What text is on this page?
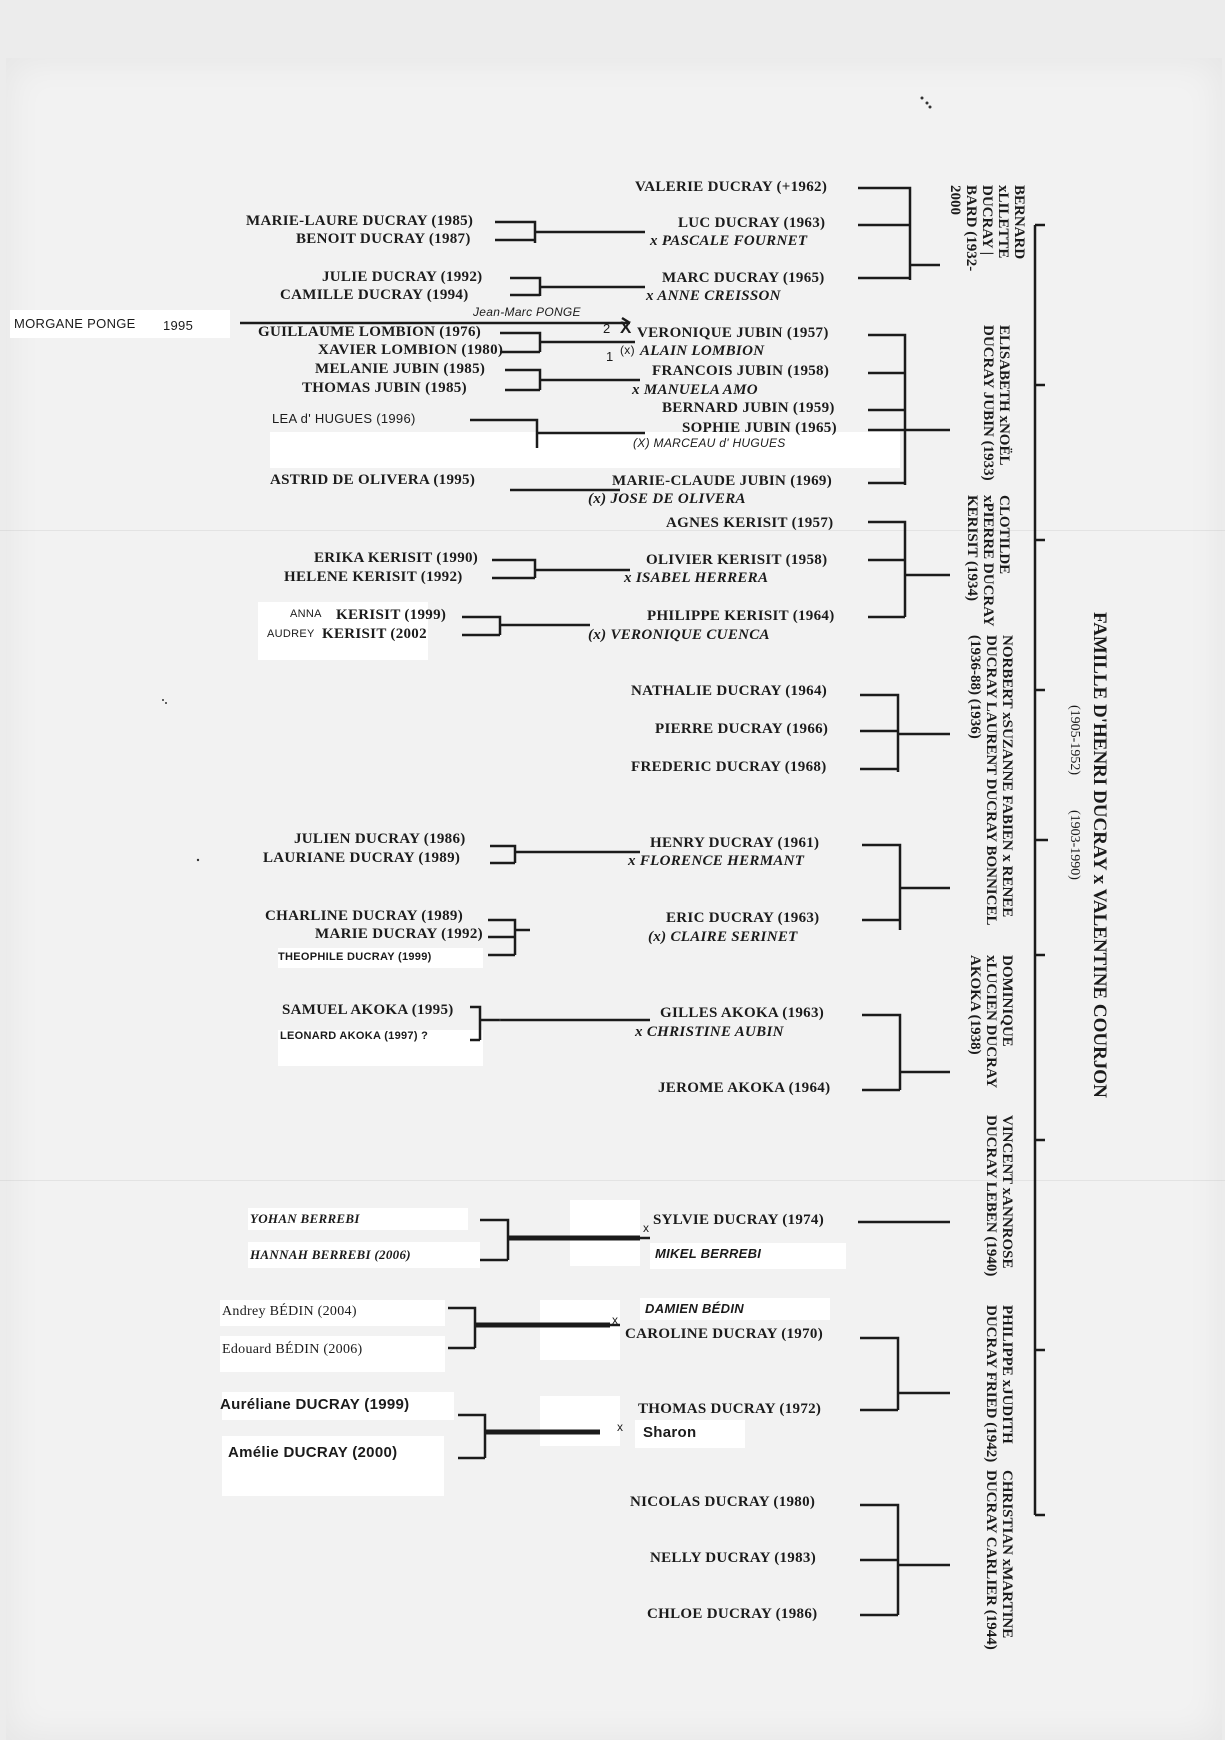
FAMILLE D'HENRI DUCRAY x VALENTINE COURJON
(1905-1952)          (1903-1990)
BERNARD xLILETTE DUCRAY | BARD (1932-2000
ELISABETH xNOËL DUCRAY JUBIN (1933)
CLOTILDE xPIERRE DUCRAY KERISIT (1934)
NORBERT xSUZANNE FABIEN x RENEE DUCRAY LAURENT DUCRAY BONNICEL (1936-88) (1936)
DOMINIQUE xLUCIEN DUCRAY AKOKA (1938)
VINCENT xANNROSE DUCRAY LEBEN (1940)
PHILIPPE xJUDITH DUCRAY FRIED (1942)
CHRISTIAN xMARTINE DUCRAY CARLIER (1944)
VALERIE DUCRAY (+1962)
LUC DUCRAY (1963)
x PASCALE FOURNET
MARC DUCRAY (1965)
x ANNE CREISSON
VERONIQUE JUBIN (1957)
ALAIN LOMBION
FRANCOIS JUBIN (1958)
x MANUELA AMO
BERNARD JUBIN (1959)
SOPHIE JUBIN (1965)
(X) MARCEAU d' HUGUES
MARIE-CLAUDE JUBIN (1969)
(x) JOSE DE OLIVERA
AGNES KERISIT (1957)
OLIVIER KERISIT (1958)
x ISABEL HERRERA
PHILIPPE KERISIT (1964)
(x) VERONIQUE CUENCA
NATHALIE DUCRAY (1964)
PIERRE DUCRAY (1966)
FREDERIC DUCRAY (1968)
HENRY DUCRAY (1961)
x FLORENCE HERMANT
ERIC DUCRAY (1963)
(x) CLAIRE SERINET
GILLES AKOKA (1963)
x CHRISTINE AUBIN
JEROME AKOKA (1964)
SYLVIE DUCRAY (1974)
MIKEL BERREBI
DAMIEN BÉDIN
CAROLINE DUCRAY (1970)
THOMAS DUCRAY (1972)
Sharon
NICOLAS DUCRAY (1980)
NELLY DUCRAY (1983)
CHLOE DUCRAY (1986)
MARIE-LAURE DUCRAY (1985)
BENOIT DUCRAY (1987)
JULIE DUCRAY (1992)
CAMILLE DUCRAY (1994)
MORGANE PONGE 1995
Jean-Marc PONGE
2 X
1 (x)
GUILLAUME LOMBION (1976)
XAVIER LOMBION (1980)
MELANIE JUBIN (1985)
THOMAS JUBIN (1985)
LEA d' HUGUES (1996)
ASTRID DE OLIVERA (1995)
ERIKA KERISIT (1990)
HELENE KERISIT (1992)
ANNA KERISIT (1999)
AUDREY KERISIT (2002
JULIEN DUCRAY (1986)
LAURIANE DUCRAY (1989)
CHARLINE DUCRAY (1989)
MARIE DUCRAY (1992)
THEOPHILE DUCRAY (1999)
SAMUEL AKOKA (1995)
LEONARD AKOKA (1997) ?
YOHAN BERREBI
HANNAH BERREBI (2006)
Andrey BÉDIN (2004)
Edouard BÉDIN (2006)
Auréliane DUCRAY (1999)
Amélie DUCRAY (2000)
x
x
x
